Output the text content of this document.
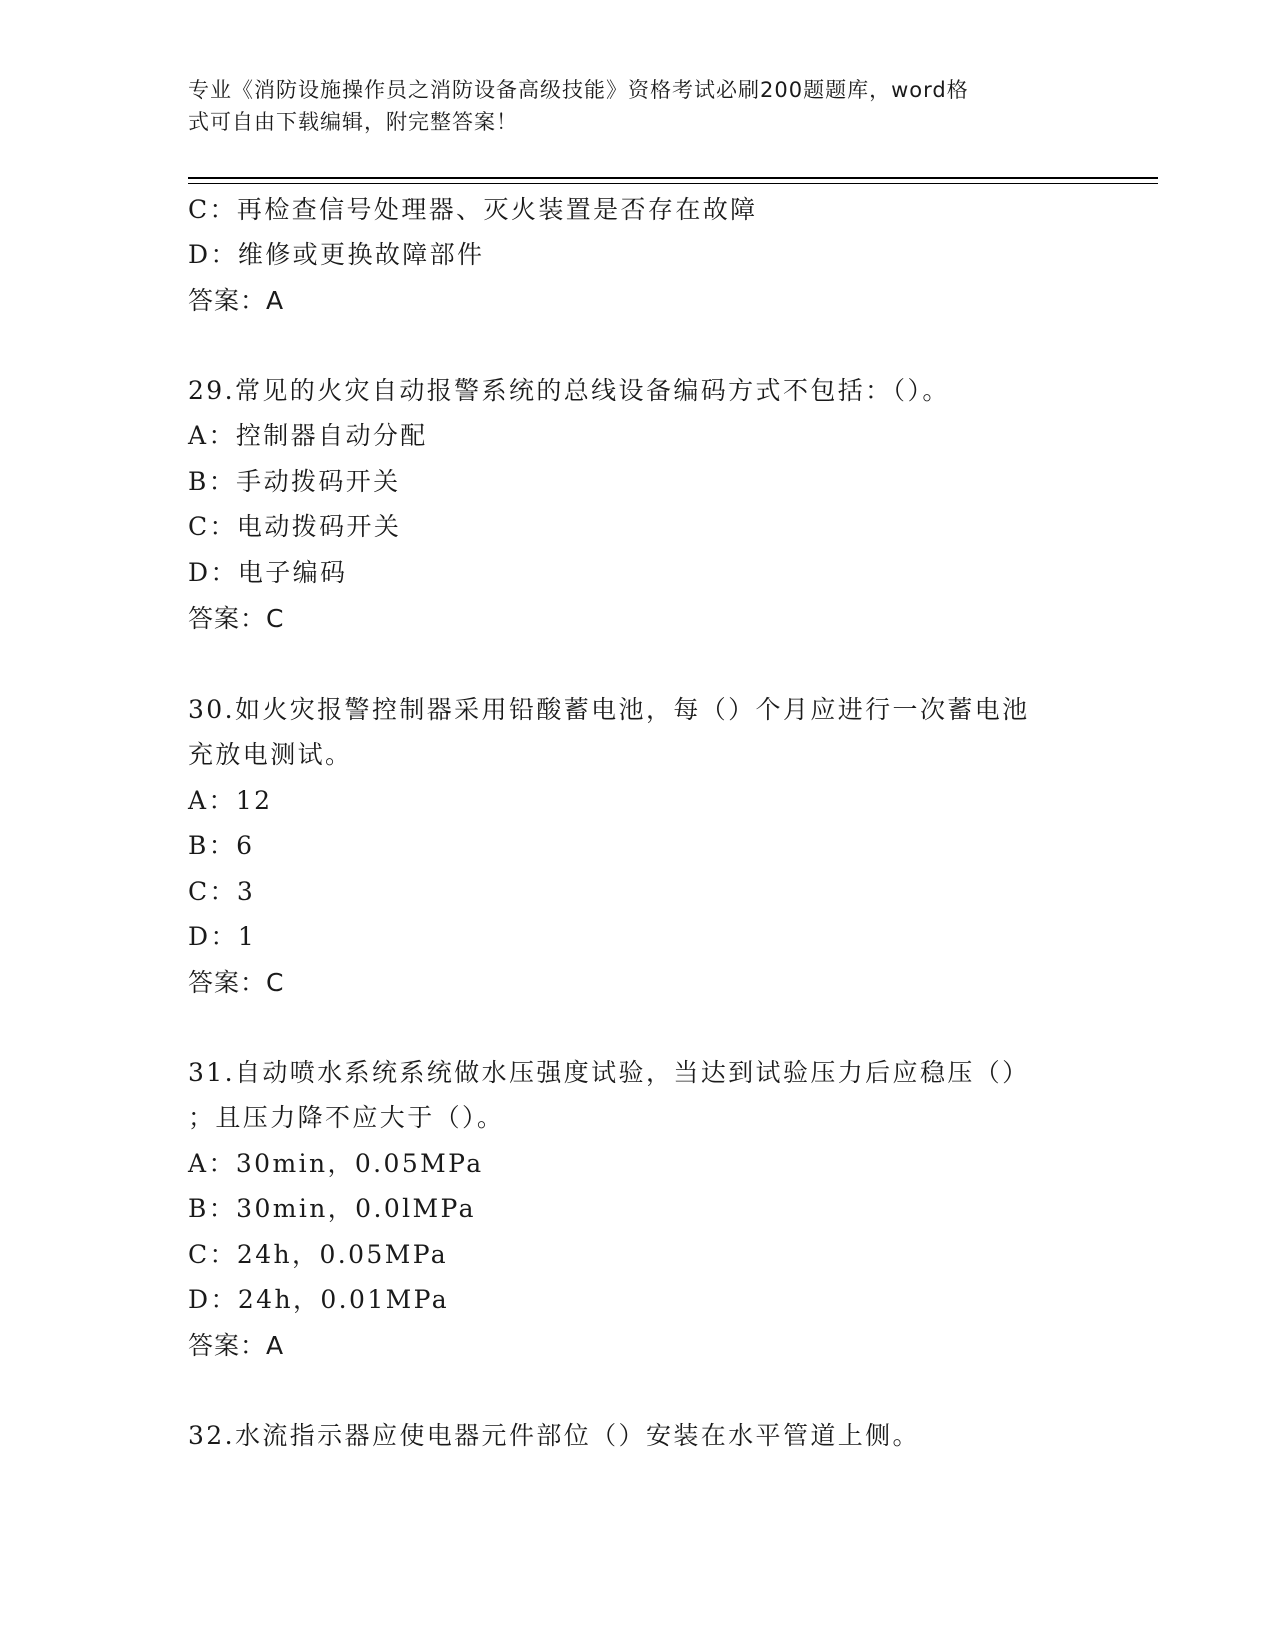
专业《消防设施操作员之消防设备高级技能》资格考试必刷200题题库，word格
式可自由下载编辑，附完整答案！
C：再检查信号处理器、灭火装置是否存在故障
D：维修或更换故障部件
答案：A
29.常见的火灾自动报警系统的总线设备编码方式不包括：（）。
A：控制器自动分配
B：手动拨码开关
C：电动拨码开关
D：电子编码
答案：C
30.如火灾报警控制器采用铅酸蓄电池，每（）个月应进行一次蓄电池
充放电测试。
A：12
B：6
C：3
D：1
答案：C
31.自动喷水系统系统做水压强度试验，当达到试验压力后应稳压（）
；且压力降不应大于（）。
A：30min，0.05MPa
B：30min，0.0lMPa
C：24h，0.05MPa
D：24h，0.01MPa
答案：A
32.水流指示器应使电器元件部位（）安装在水平管道上侧。
